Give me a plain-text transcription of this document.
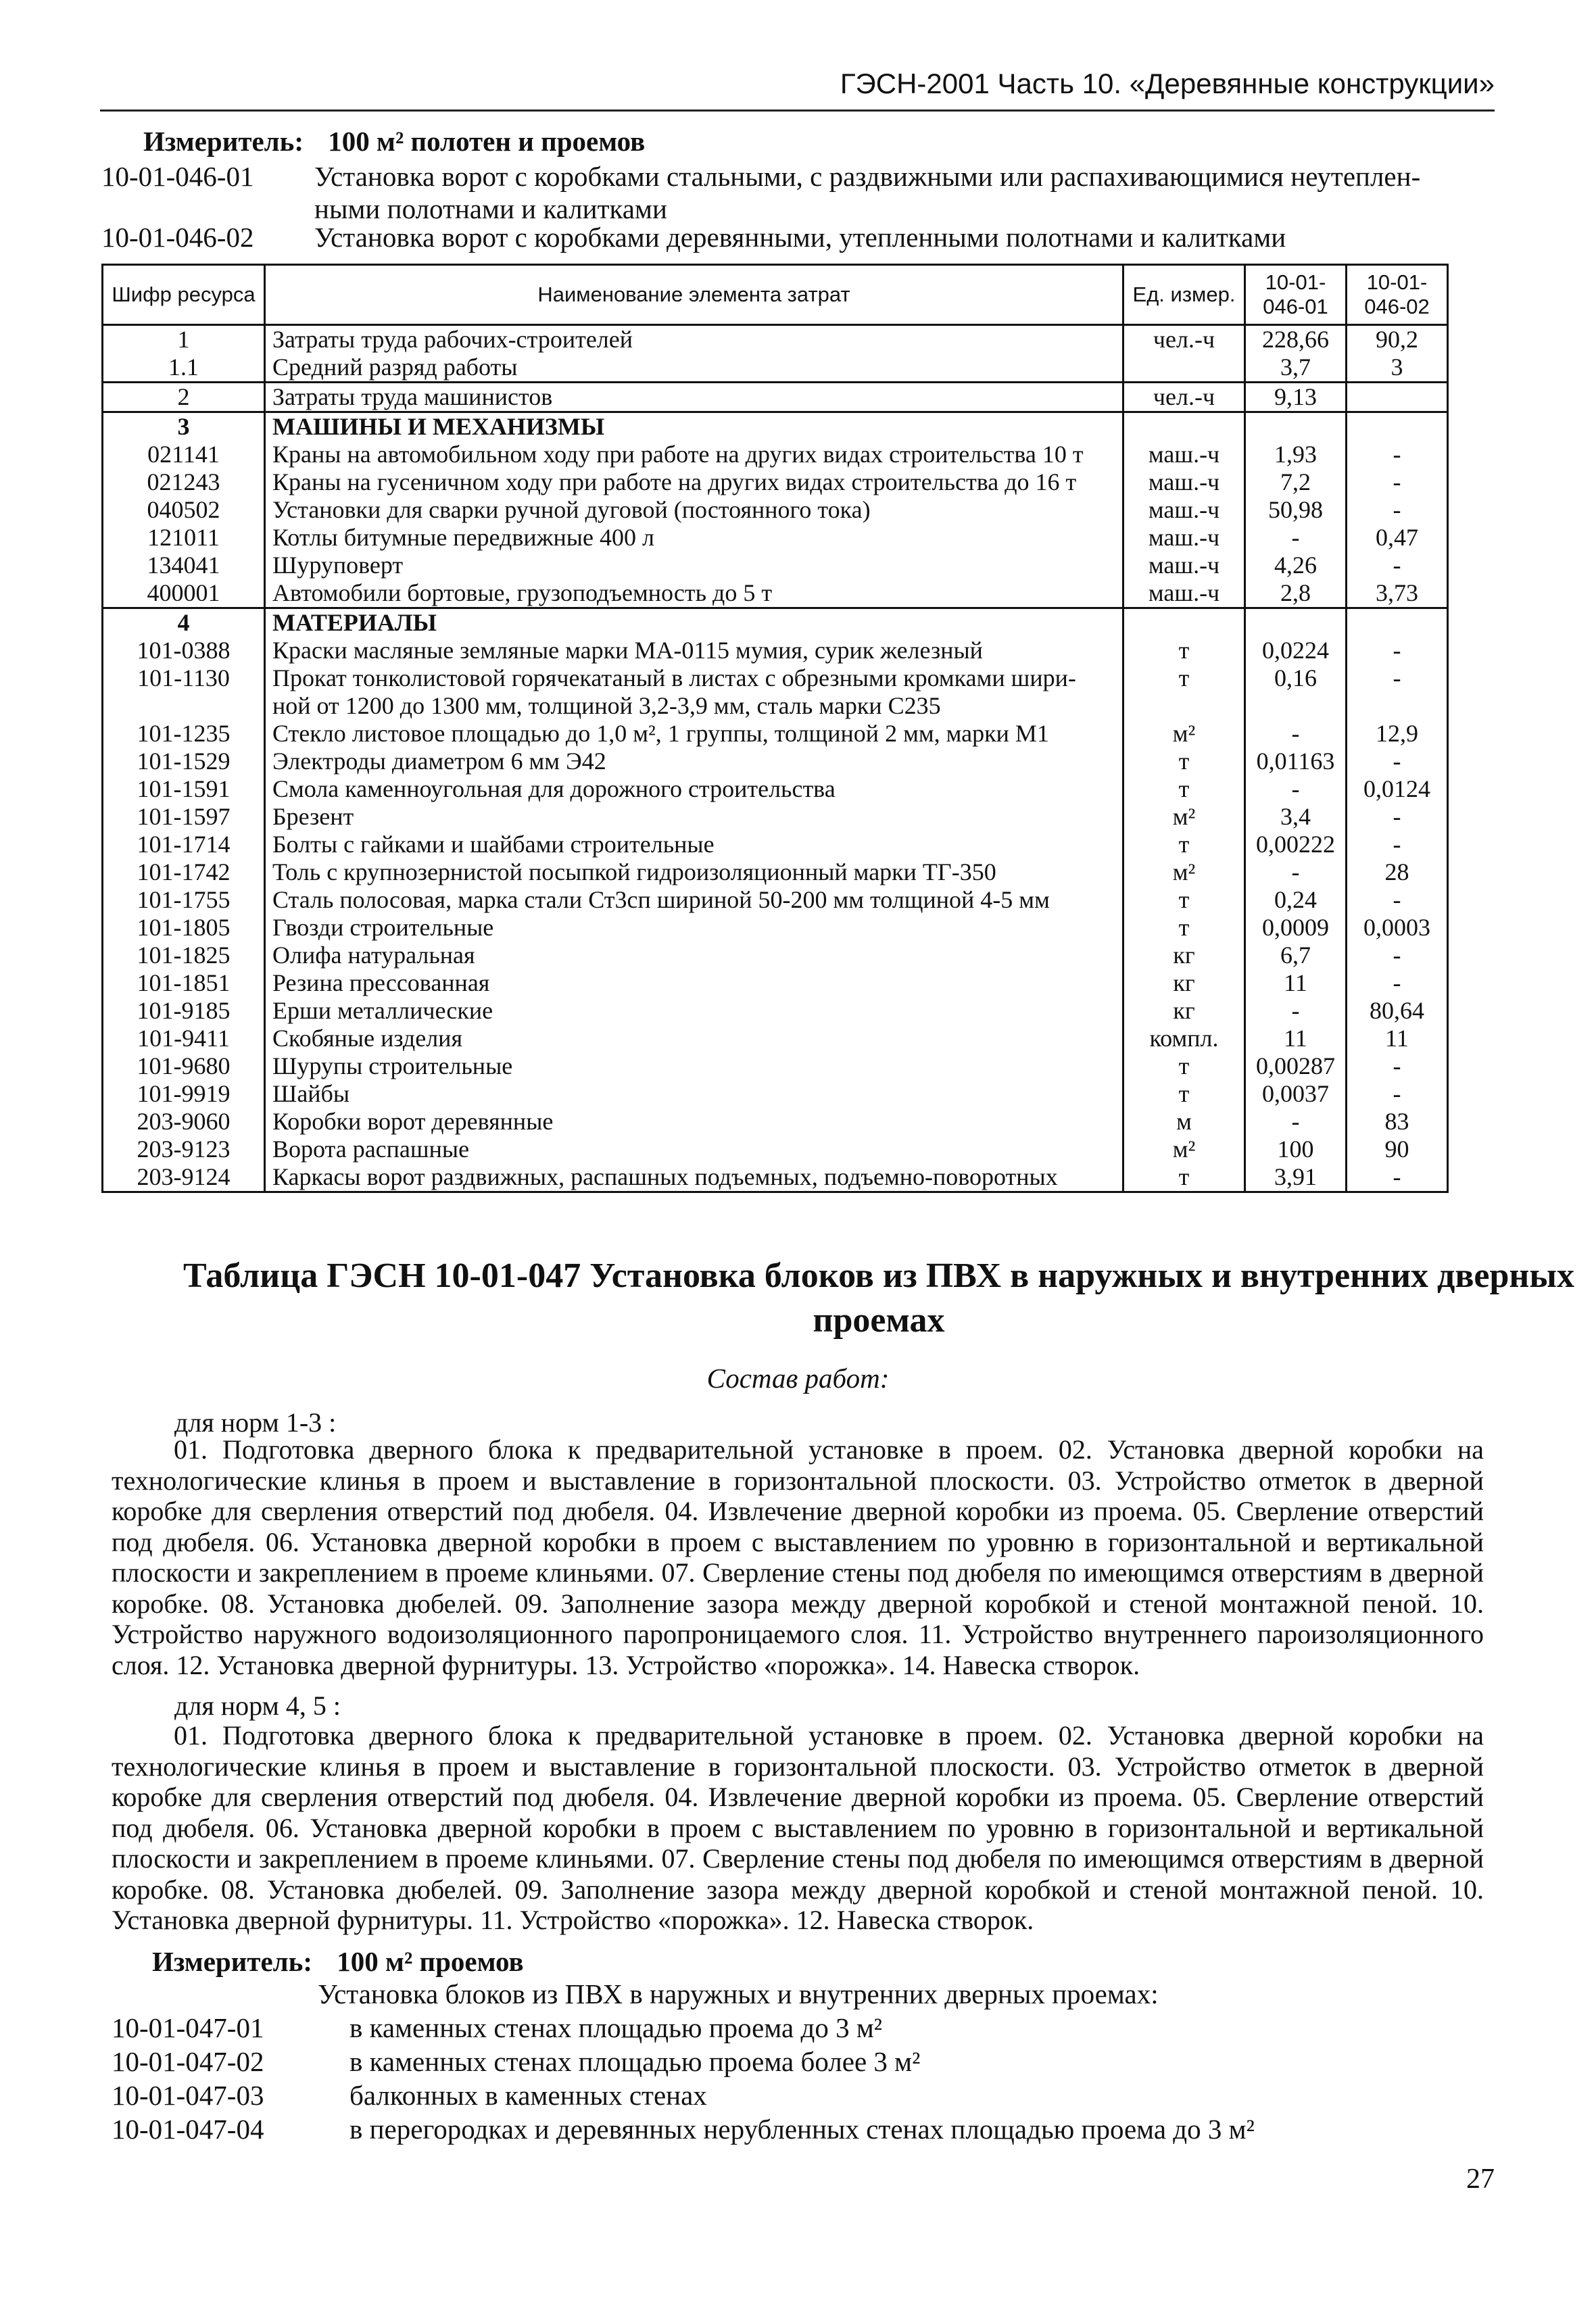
ГЭСН-2001 Часть 10. «Деревянные конструкции»
Измеритель: 100 м² полотен и проемов
10-01-046-01	Установка ворот с коробками стальными, с раздвижными или распахивающимися неутеплен-
ными полотнами и калитками
10-01-046-02	Установка ворот с коробками деревянными, утепленными полотнами и калитками
Шифр ресурса	Наименование элемента затрат	Ед. измер.	10-01-046-01	10-01-046-02
1	Затраты труда рабочих-строителей	чел.-ч	228,66	90,2
1.1	Средний разряд работы		3,7	3
2	Затраты труда машинистов	чел.-ч	9,13	
3	МАШИНЫ И МЕХАНИЗМЫ			
021141	Краны на автомобильном ходу при работе на других видах строительства 10 т	маш.-ч	1,93	-
021243	Краны на гусеничном ходу при работе на других видах строительства до 16 т	маш.-ч	7,2	-
040502	Установки для сварки ручной дуговой (постоянного тока)	маш.-ч	50,98	-
121011	Котлы битумные передвижные 400 л	маш.-ч	-	0,47
134041	Шуруповерт	маш.-ч	4,26	-
400001	Автомобили бортовые, грузоподъемность до 5 т	маш.-ч	2,8	3,73
4	МАТЕРИАЛЫ			
101-0388	Краски масляные земляные марки МА-0115 мумия, сурик железный	т	0,0224	-
101-1130	Прокат тонколистовой горячекатаный в листах с обрезными кромками шири-	т	0,16	-
	ной от 1200 до 1300 мм, толщиной 3,2-3,9 мм, сталь марки С235			
101-1235	Стекло листовое площадью до 1,0 м², 1 группы, толщиной 2 мм, марки М1	м²	-	12,9
101-1529	Электроды диаметром 6 мм Э42	т	0,01163	-
101-1591	Смола каменноугольная для дорожного строительства	т	-	0,0124
101-1597	Брезент	м²	3,4	-
101-1714	Болты с гайками и шайбами строительные	т	0,00222	-
101-1742	Толь с крупнозернистой посыпкой гидроизоляционный марки ТГ-350	м²	-	28
101-1755	Сталь полосовая, марка стали Ст3сп шириной 50-200 мм толщиной 4-5 мм	т	0,24	-
101-1805	Гвозди строительные	т	0,0009	0,0003
101-1825	Олифа натуральная	кг	6,7	-
101-1851	Резина прессованная	кг	11	-
101-9185	Ерши металлические	кг	-	80,64
101-9411	Скобяные изделия	компл.	11	11
101-9680	Шурупы строительные	т	0,00287	-
101-9919	Шайбы	т	0,0037	-
203-9060	Коробки ворот деревянные	м	-	83
203-9123	Ворота распашные	м²	100	90
203-9124	Каркасы ворот раздвижных, распашных подъемных, подъемно-поворотных	т	3,91	-
Таблица ГЭСН 10-01-047 Установка блоков из ПВХ в наружных и внутренних дверных проемах
Состав работ:
для норм 1-3 :
01. Подготовка дверного блока к предварительной установке в проем. 02. Установка дверной коробки на технологические клинья в проем и выставление в горизонтальной плоскости. 03. Устройство отметок в дверной коробке для сверления отверстий под дюбеля. 04. Извлечение дверной коробки из проема. 05. Сверление отверстий под дюбеля. 06. Установка дверной коробки в проем с выставлением по уровню в горизонтальной и вертикальной плоскости и закреплением в проеме клиньями. 07. Сверление стены под дюбеля по имеющимся отверстиям в дверной коробке. 08. Установка дюбелей. 09. Заполнение зазора между дверной коробкой и стеной монтажной пеной. 10. Устройство наружного водоизоляционного паропроницаемого слоя. 11. Устройство внутреннего пароизоляционного слоя. 12. Установка дверной фурнитуры. 13. Устройство «порожка». 14. Навеска створок.
для норм 4, 5 :
01. Подготовка дверного блока к предварительной установке в проем. 02. Установка дверной коробки на технологические клинья в проем и выставление в горизонтальной плоскости. 03. Устройство отметок в дверной коробке для сверления отверстий под дюбеля. 04. Извлечение дверной коробки из проема. 05. Сверление отверстий под дюбеля. 06. Установка дверной коробки в проем с выставлением по уровню в горизонтальной и вертикальной плоскости и закреплением в проеме клиньями. 07. Сверление стены под дюбеля по имеющимся отверстиям в дверной коробке. 08. Установка дюбелей. 09. Заполнение зазора между дверной коробкой и стеной монтажной пеной. 10. Установка дверной фурнитуры. 11. Устройство «порожка». 12. Навеска створок.
Измеритель: 100 м² проемов
Установка блоков из ПВХ в наружных и внутренних дверных проемах:
10-01-047-01	в каменных стенах площадью проема до 3 м²
10-01-047-02	в каменных стенах площадью проема более 3 м²
10-01-047-03	балконных в каменных стенах
10-01-047-04	в перегородках и деревянных нерубленных стенах площадью проема до 3 м²
27
